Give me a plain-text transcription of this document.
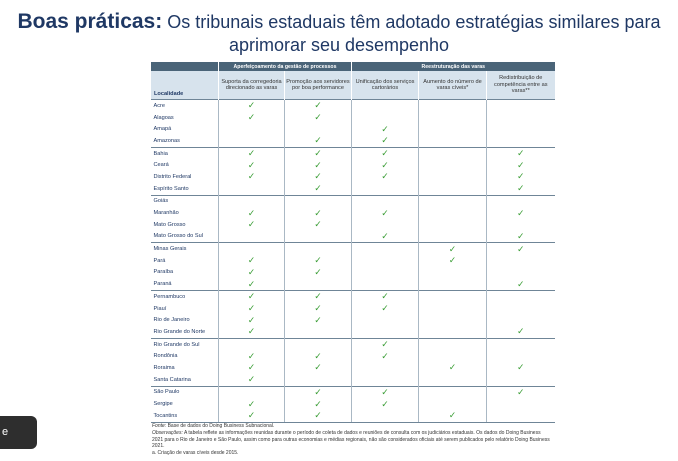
Boas práticas: Os tribunais estaduais têm adotado estratégias similares para
aprimorar seu desempenho
	Aperfeiçoamento da gestão de processos		Reestruturação das varas		
Localidade	Suporta da corregedoria direcionado as varas	Promoção aos servidores por boa performance	Unificação dos serviços cartorários	Aumento do número de varas cíveis*	Redistribuição de competência entre as varas**
Acre	✓	✓			
Alagoas	✓	✓			
Amapá			✓		
Amazonas		✓	✓		
Bahia	✓	✓	✓		✓
Ceará	✓	✓	✓		✓
Distrito Federal	✓	✓	✓		✓
Espírito Santo		✓			✓
Goiás					
Maranhão	✓	✓	✓		✓
Mato Grosso	✓	✓			
Mato Grosso do Sul			✓		✓
Minas Gerais				✓	✓
Pará	✓	✓		✓	
Paraíba	✓	✓			
Paraná	✓				✓
Pernambuco	✓	✓	✓		
Piauí	✓	✓	✓		
Rio de Janeiro	✓	✓			
Rio Grande do Norte	✓				✓
Rio Grande do Sul			✓		
Rondônia	✓	✓	✓		
Roraima	✓	✓		✓	✓
Santa Catarina	✓				
São Paulo		✓	✓		✓
Sergipe	✓	✓	✓		
Tocantins	✓	✓		✓	

Fonte: Base de dados do Doing Business Subnacional.

Observações: A tabela reflete as informações reunidas durante o período de coleta de dados e reuniões de consulta com os judiciários estaduais. Os dados do Doing Business 2021 para o Rio de Janeiro e São Paulo, assim como para outras economias e médias regionais, não são considerados oficiais até serem publicados pelo relatório Doing Business 2021.

a. Criação de varas cíveis desde 2015.

e
